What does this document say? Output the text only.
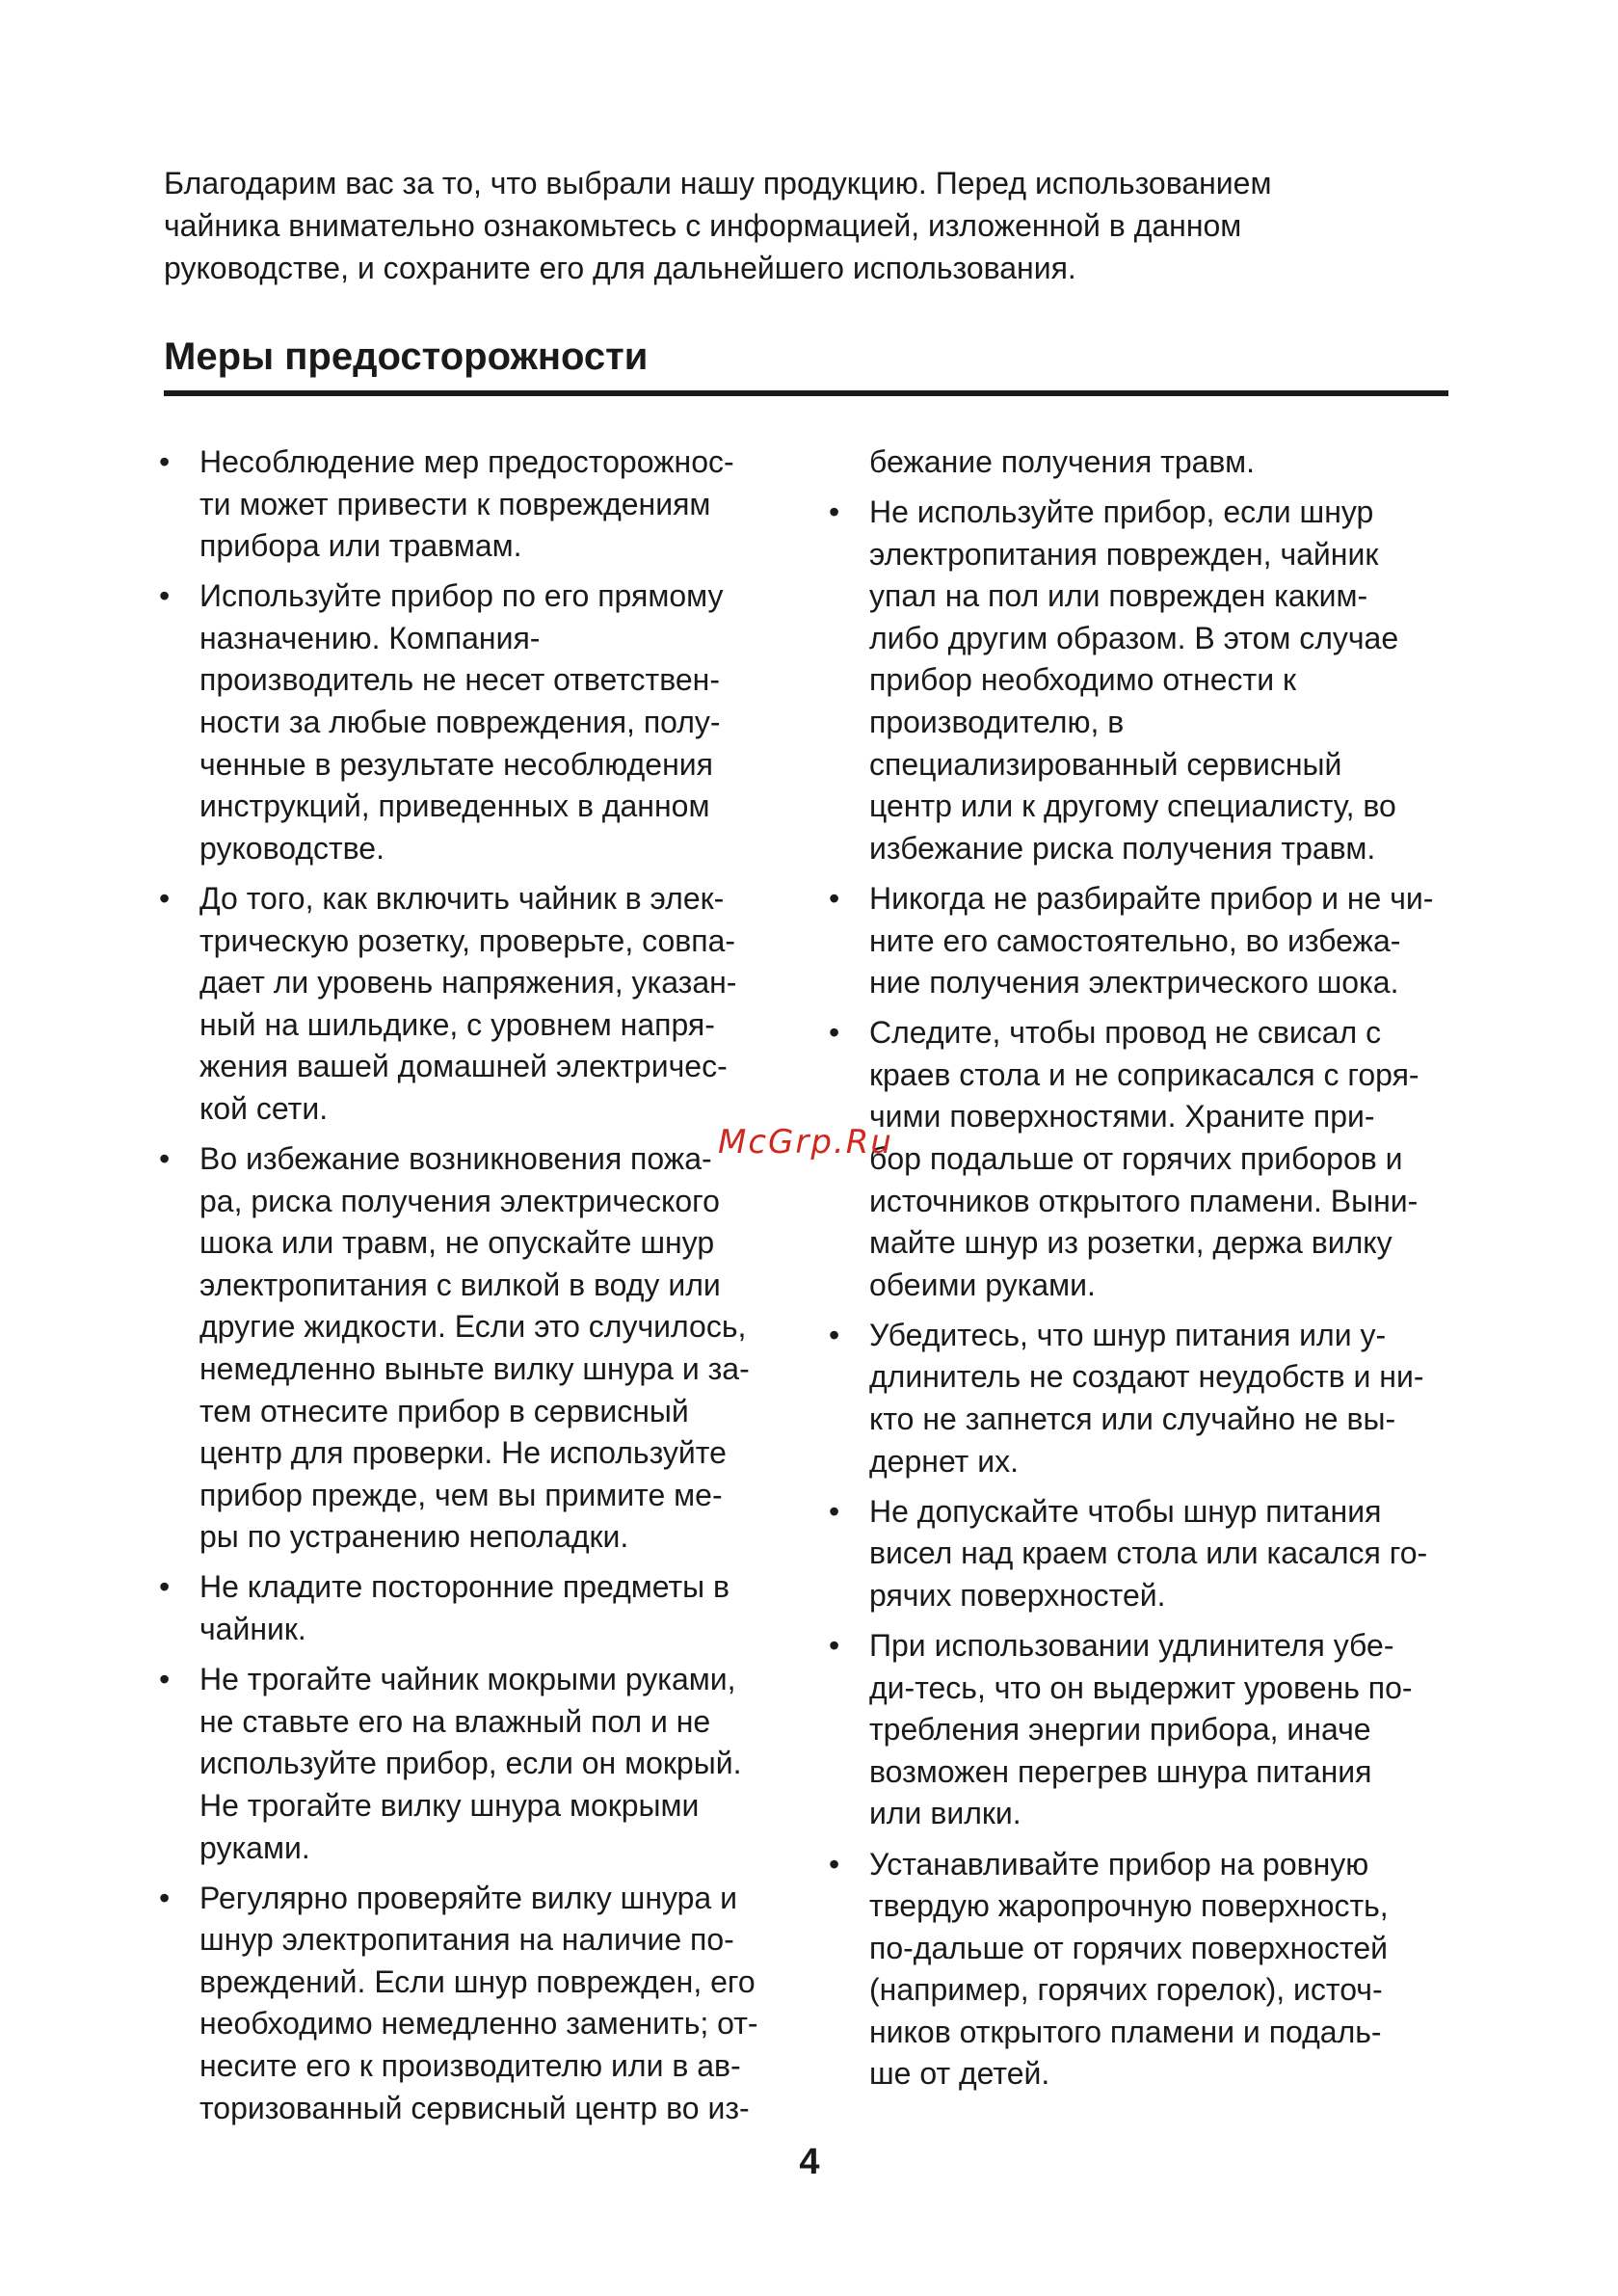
Благодарим вас за то, что выбрали нашу продукцию. Перед использованием
чайника внимательно ознакомьтесь с информацией, изложенной в данном
руководстве, и сохраните его для дальнейшего использования.

Меры предосторожности
• Несоблюдение мер предосторожнос-
ти может привести к повреждениям
прибора или травмам.
• Используйте прибор по его прямому
назначению. Компания-
производитель не несет ответствен-
ности за любые повреждения, полу-
ченные в результате несоблюдения
инструкций, приведенных в данном
руководстве.
• До того, как включить чайник в элек-
трическую розетку, проверьте, совпа-
дает ли уровень напряжения, указан-
ный на шильдике, с уровнем напря-
жения вашей домашней электричес-
кой сети.
• Во избежание возникновения пожа-
ра, риска получения электрического
шока или травм, не опускайте шнур
электропитания с вилкой в воду или
другие жидкости. Если это случилось,
немедленно выньте вилку шнура и за-
тем отнесите прибор в сервисный
центр для проверки. Не используйте
прибор прежде, чем вы примите ме-
ры по устранению неполадки.
• Не кладите посторонние предметы в
чайник.
• Не трогайте чайник мокрыми руками,
не ставьте его на влажный пол и не
используйте прибор, если он мокрый.
Не трогайте вилку шнура мокрыми
руками.
• Регулярно проверяйте вилку шнура и
шнур электропитания на наличие по-
вреждений. Если шнур поврежден, его
необходимо немедленно заменить; от-
несите его к производителю или в ав-
торизованный сервисный центр во из-
бежание получения травм.
• Не используйте прибор, если шнур
электропитания поврежден, чайник
упал на пол или поврежден каким-
либо другим образом. В этом случае
прибор необходимо отнести к
производителю, в
специализированный сервисный
центр или к другому специалисту, во
избежание риска получения травм.
• Никогда не разбирайте прибор и не чи-
ните его самостоятельно, во избежа-
ние получения электрического шока.
• Следите, чтобы провод не свисал с
краев стола и не соприкасался с горя-
чими поверхностями. Храните при-
бор подальше от горячих приборов и
источников открытого пламени. Выни-
майте шнур из розетки, держа вилку
обеими руками.
• Убедитесь, что шнур питания или у-
длинитель не создают неудобств и ни-
кто не запнется или случайно не вы-
дернет их.
• Не допускайте чтобы шнур питания
висел над краем стола или касался го-
рячих поверхностей.
• При использовании удлинителя убе-
ди-тесь, что он выдержит уровень по-
требления энергии прибора, иначе
возможен перегрев шнура питания
или вилки.
• Устанавливайте прибор на ровную
твердую жаропрочную поверхность,
по-дальше от горячих поверхностей
(например, горячих горелок), источ-
ников открытого пламени и подаль-
ше от детей.
McGrp.Ru
4
